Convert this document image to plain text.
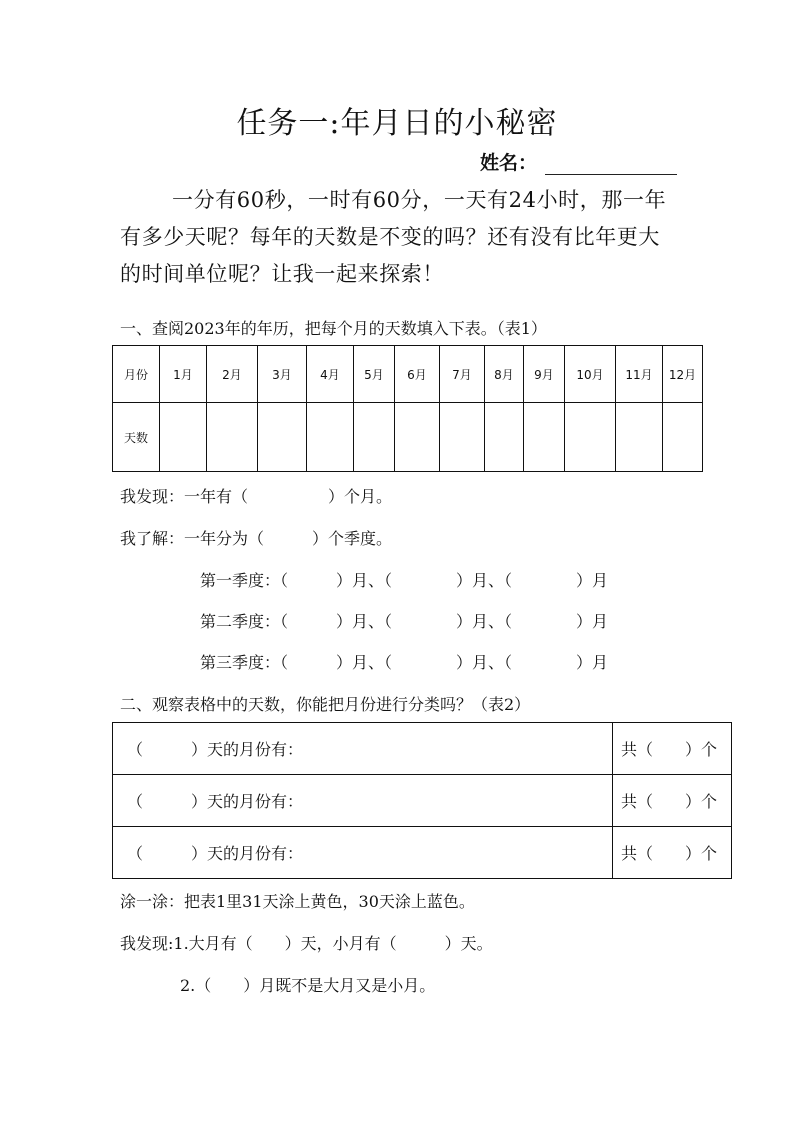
任务一:年月日的小秘密
姓名：
一分有60秒，一时有60分，一天有24小时，那一年有多少天呢？每年的天数是不变的吗？还有没有比年更大的时间单位呢？让我一起来探索！
一、查阅2023年的年历，把每个月的天数填入下表。（表1）
月份	1月	2月	3月	4月	5月	6月	7月	8月	9月	10月	11月	12月
天数												
我发现：一年有（　　　　　）个月。
我了解：一年分为（　　　）个季度。
第一季度：（　　　）月、（　　　　）月、（　　　　）月
第二季度：（　　　）月、（　　　　）月、（　　　　）月
第三季度：（　　　）月、（　　　　）月、（　　　　）月
二、观察表格中的天数，你能把月份进行分类吗？（表2）
（　　　）天的月份有：	共（　　）个
（　　　）天的月份有：	共（　　）个
（　　　）天的月份有：	共（　　）个
涂一涂：把表1里31天涂上黄色，30天涂上蓝色。
我发现:1.大月有（　　）天，小月有（　　　）天。
2.（　　）月既不是大月又是小月。
